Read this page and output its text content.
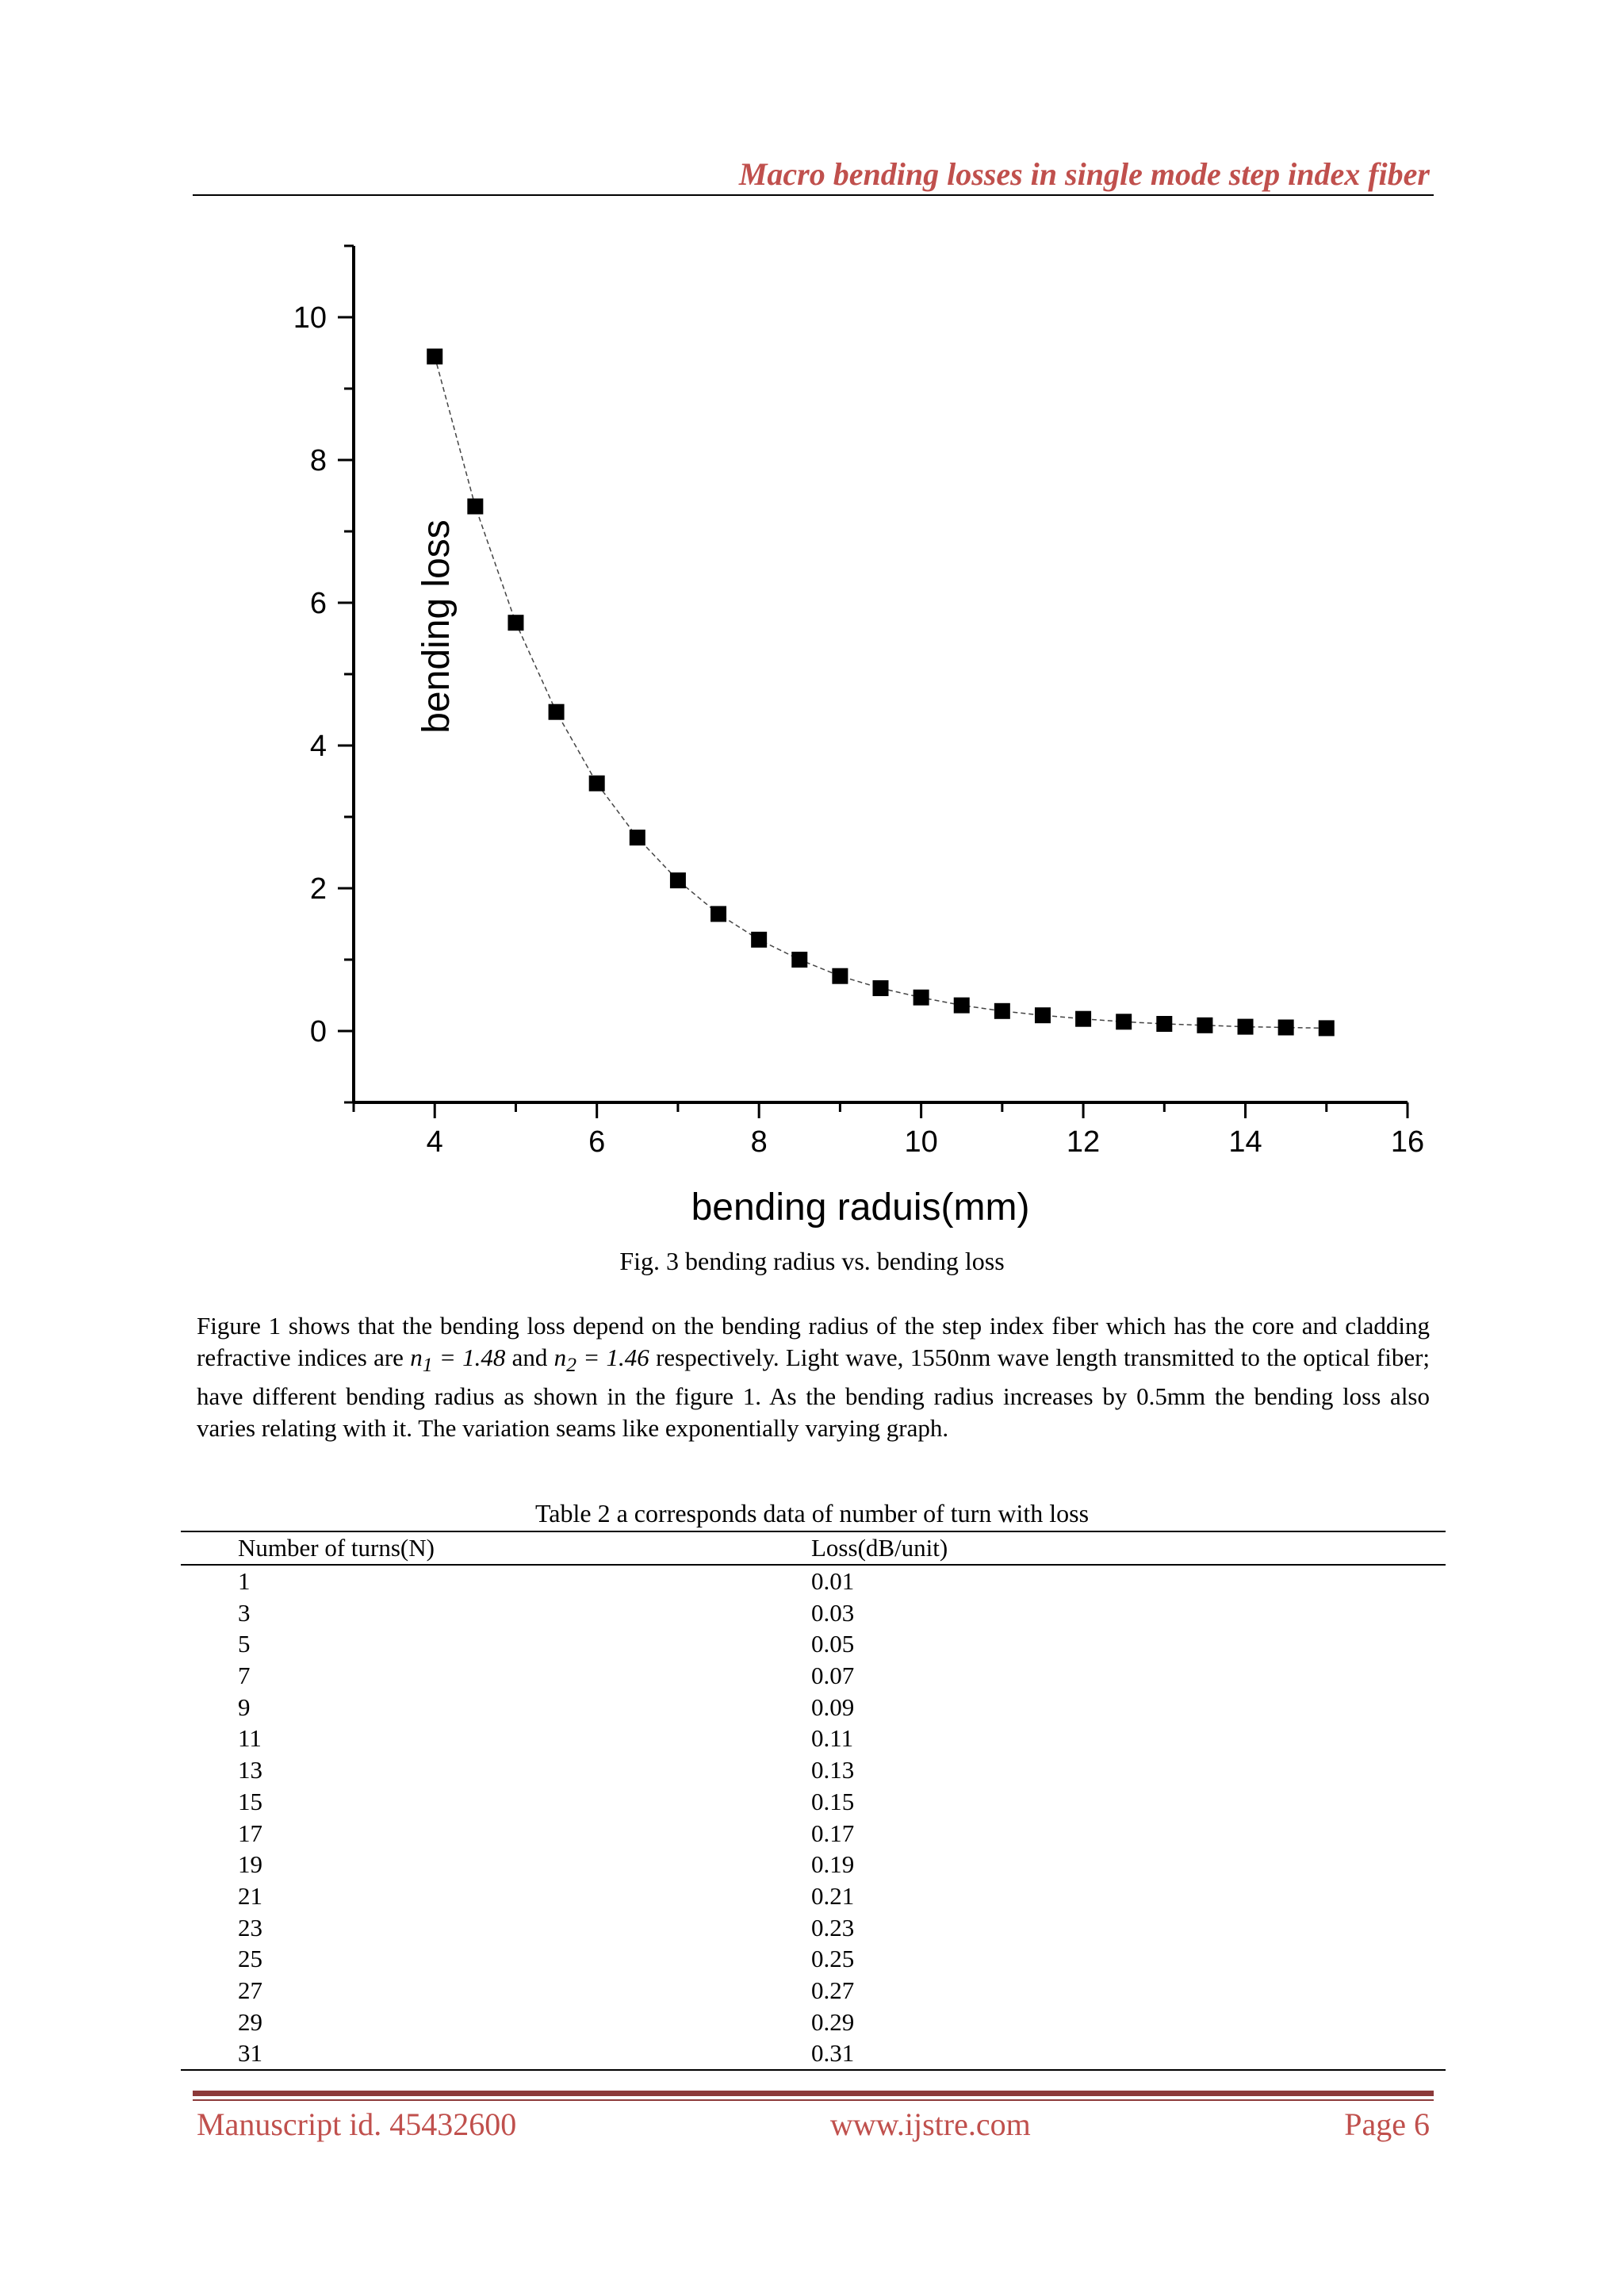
Macro bending losses in single mode step index fiber
4	6	8	10	12	14	16
0
2
4
6
8
10
bending raduis(mm)
bending loss
Fig. 3 bending radius vs. bending loss

Figure 1 shows that the bending loss depend on the bending radius of the step index fiber which has the core and cladding refractive indices are $n_1 = 1.48$ and $n_2 = 1.46$ respectively. Light wave, 1550nm wave length transmitted to the optical fiber; have different bending radius as shown in the figure 1. As the bending radius increases by 0.5mm the bending loss also varies relating with it. The variation seams like exponentially varying graph.

Table 2 a corresponds data of number of turn with loss
Number of turns(N)	Loss(dB/unit)
1	0.01
3	0.03
5	0.05
7	0.07
9	0.09
11	0.11
13	0.13
15	0.15
17	0.17
19	0.19
21	0.21
23	0.23
25	0.25
27	0.27
29	0.29
31	0.31
Manuscript id. 45432600	www.ijstre.com	Page 6
